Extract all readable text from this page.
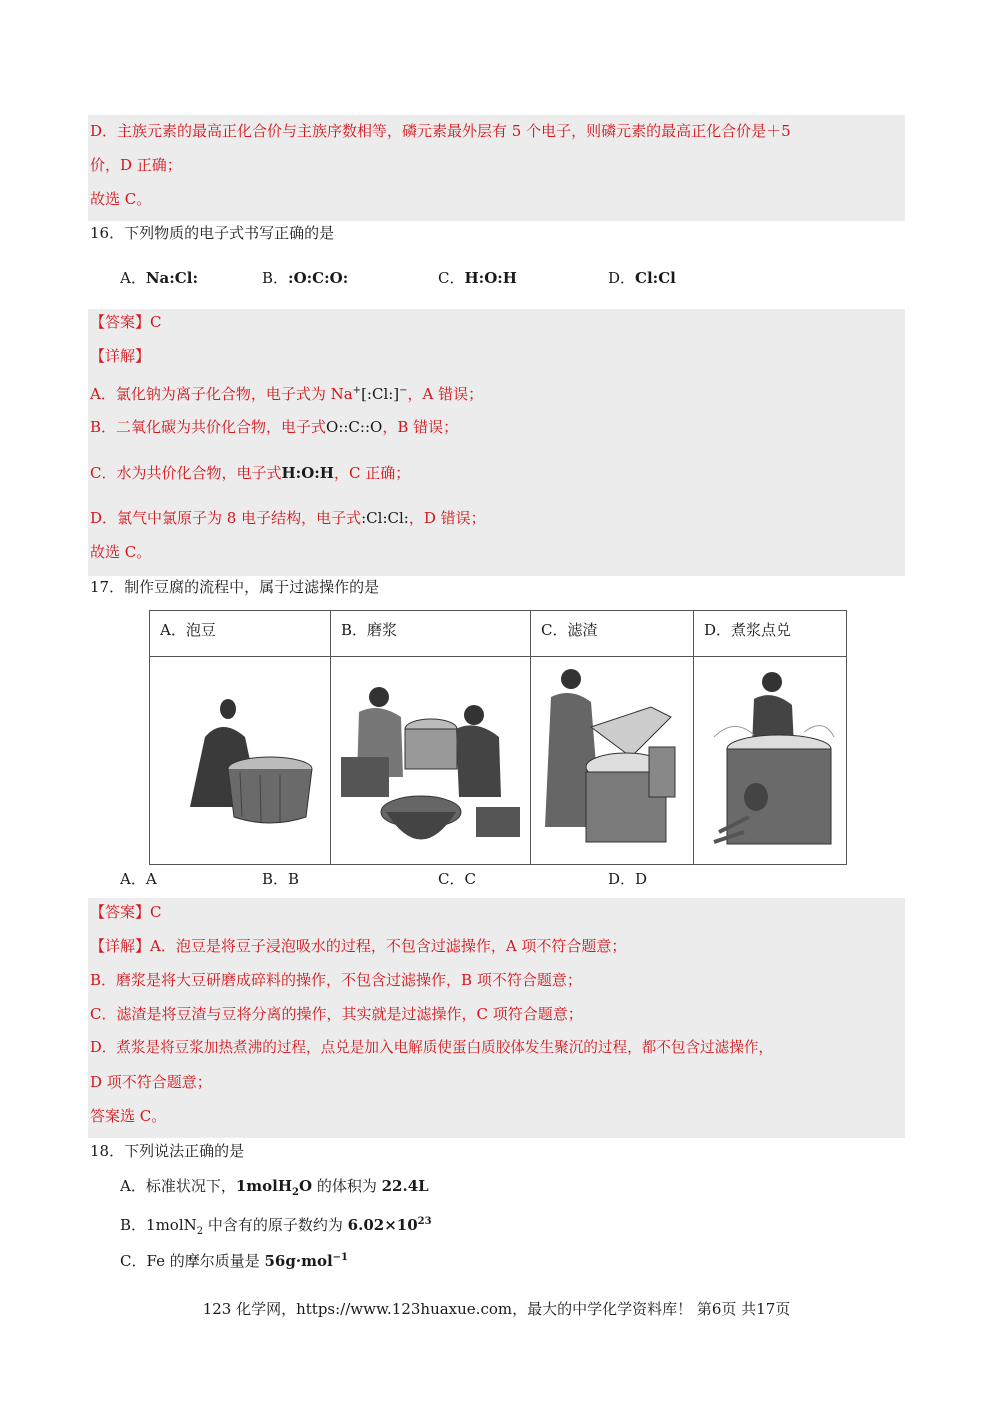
D．主族元素的最高正化合价与主族序数相等，磷元素最外层有 5 个电子，则磷元素的最高正化合价是＋5
价，D 正确；
故选 C。
16．下列物质的电子式书写正确的是
A．Na:Cl:	B．:O:C:O:	C．H:O:H	D．Cl:Cl
【答案】C
【详解】
A．氯化钠为离子化合物，电子式为 Na+[:Cl:]−，A 错误；
B．二氧化碳为共价化合物，电子式O::C::O，B 错误；
C．水为共价化合物，电子式H:O:H，C 正确；
D．氯气中氯原子为 8 电子结构，电子式:Cl:Cl:，D 错误；
故选 C。
17．制作豆腐的流程中，属于过滤操作的是
A．泡豆	B．磨浆	C．滤渣	D．煮浆点兑

A．A	B．B	C．C	D．D
【答案】C
【详解】A．泡豆是将豆子浸泡吸水的过程，不包含过滤操作，A 项不符合题意；
B．磨浆是将大豆研磨成碎料的操作，不包含过滤操作，B 项不符合题意；
C．滤渣是将豆渣与豆将分离的操作，其实就是过滤操作，C 项符合题意；
D．煮浆是将豆浆加热煮沸的过程，点兑是加入电解质使蛋白质胶体发生聚沉的过程，都不包含过滤操作，
D 项不符合题意；
答案选 C。
18．下列说法正确的是
A．标准状况下，1molH$_2$O 的体积为 22.4L
B．1molN$_2$ 中含有的原子数约为 $6.02\times 10^{23}$
C．Fe 的摩尔质量是 56g·mol$^{-1}$
123 化学网，https://www.123huaxue.com，最大的中学化学资料库！ 第6页 共17页
